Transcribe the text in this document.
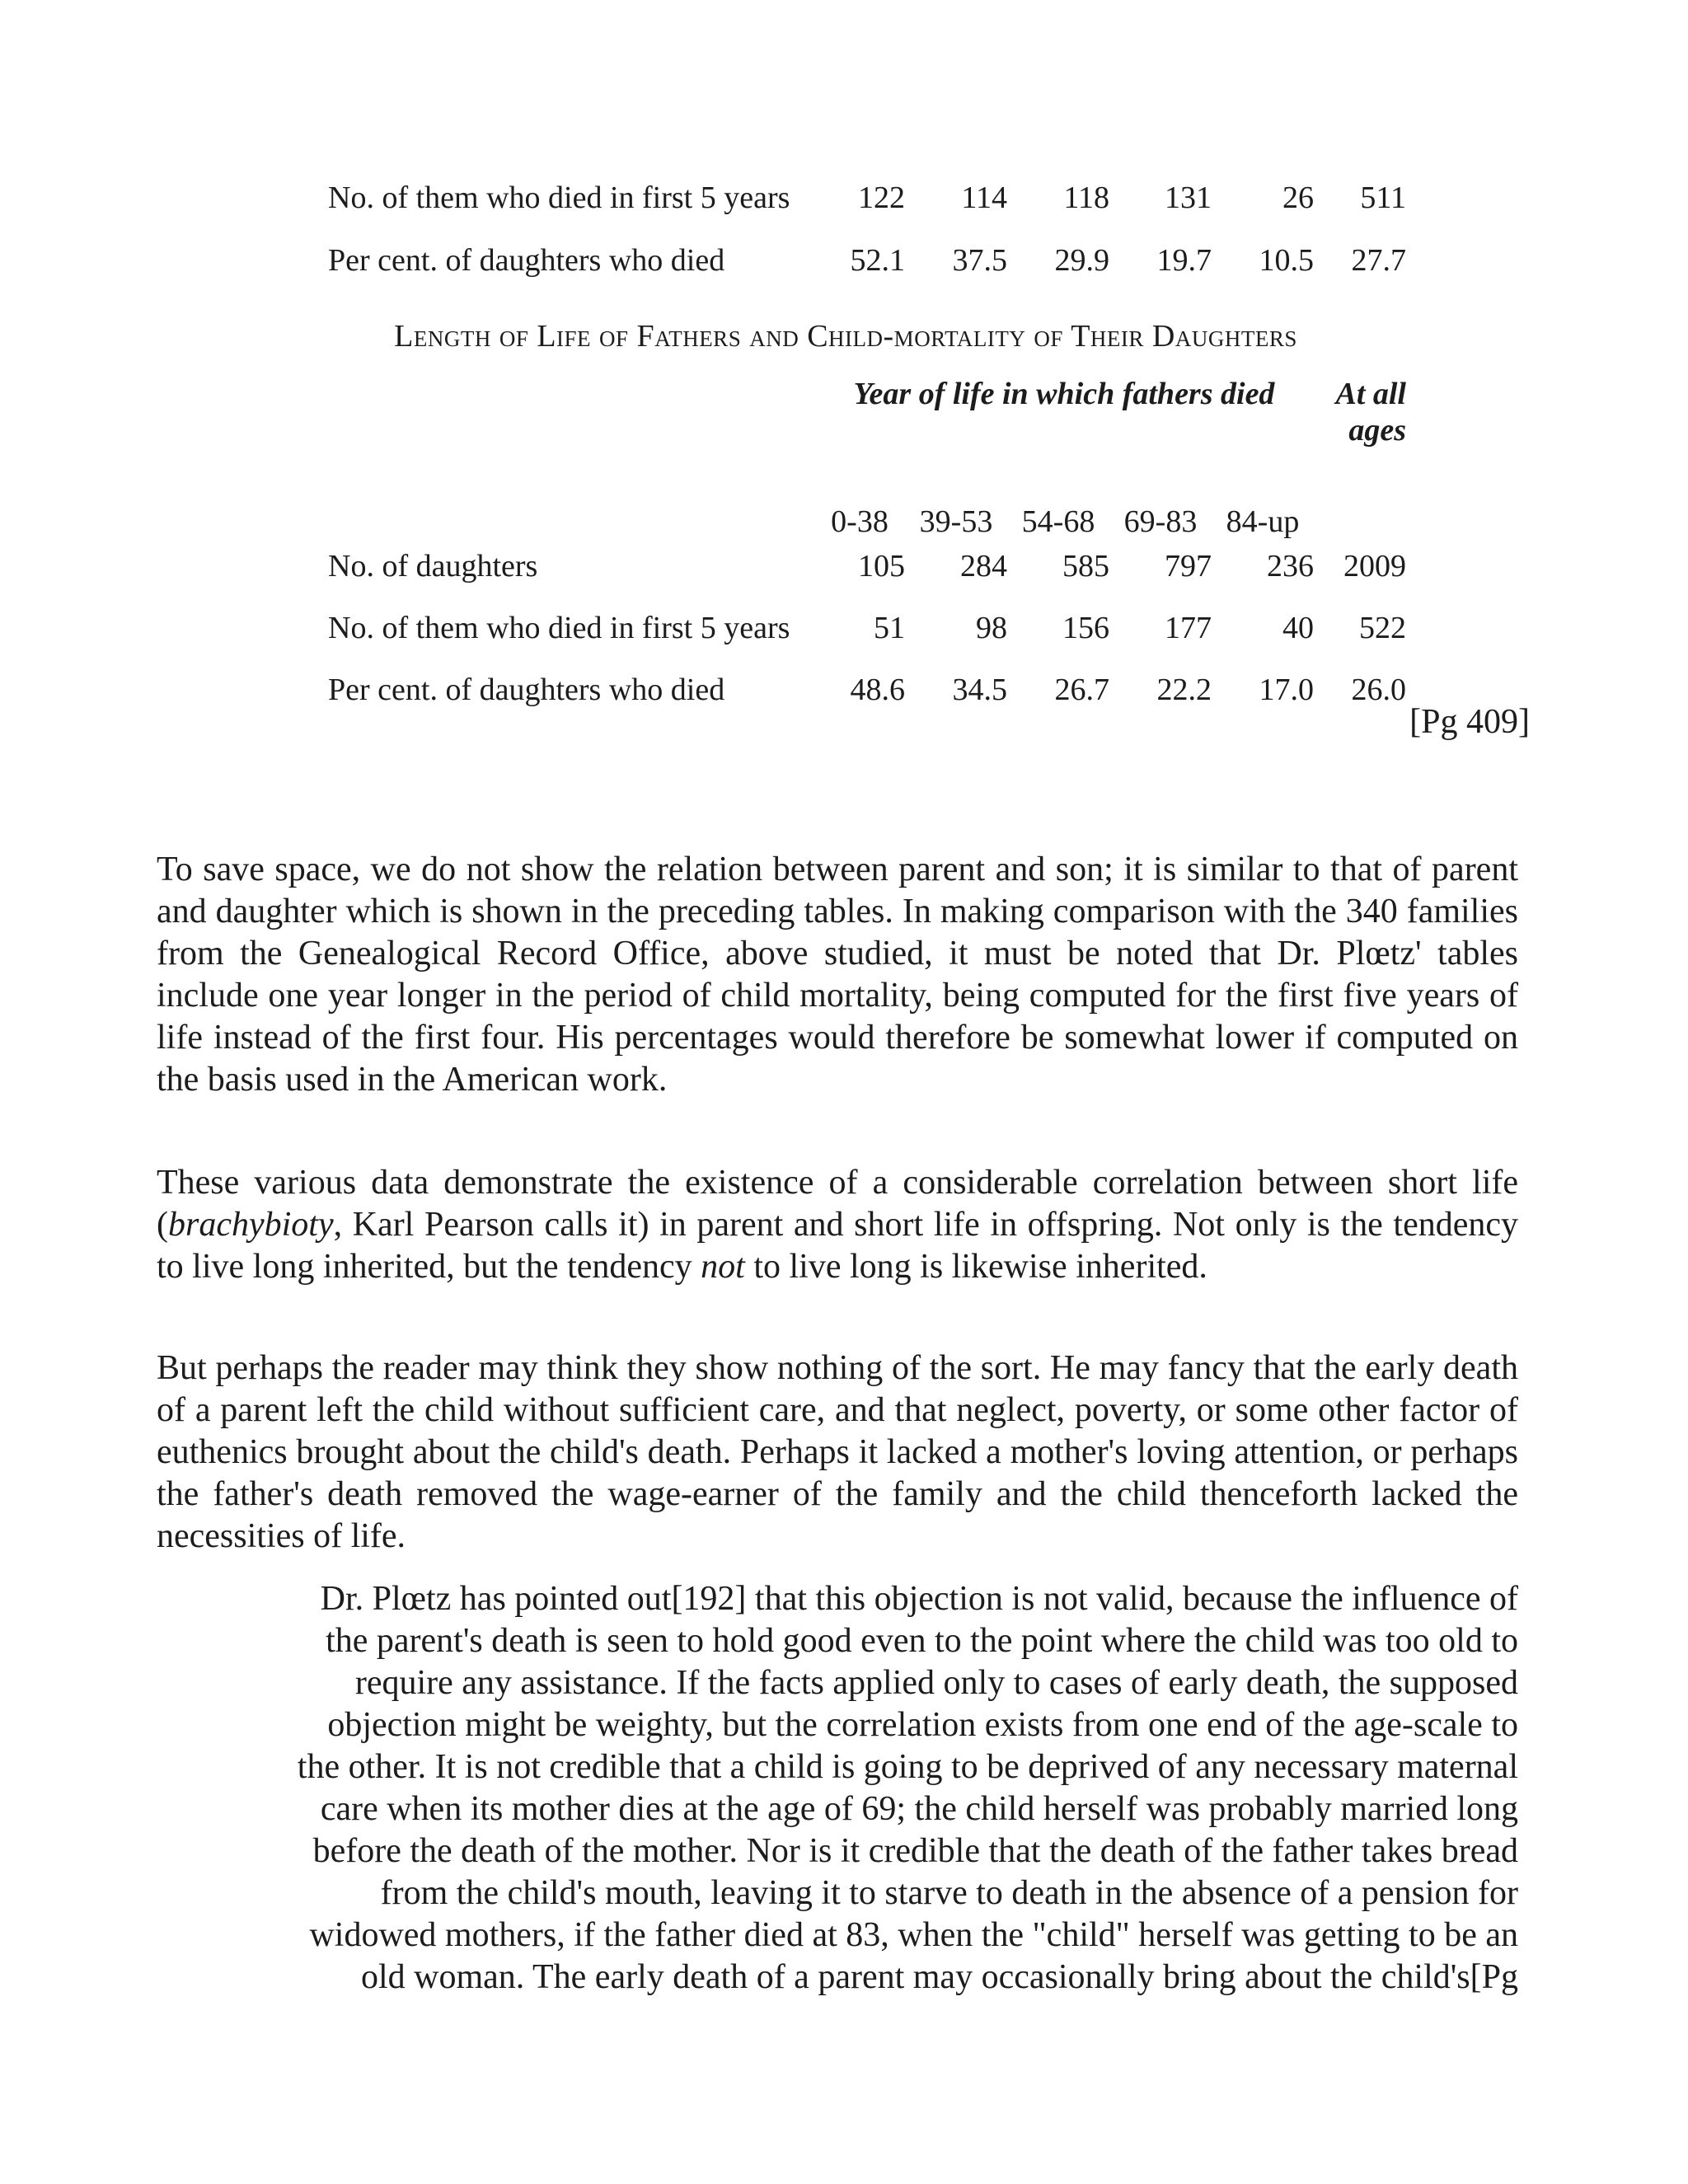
No. of them who died in first 5 years	122	114	118	131	26	511
Per cent. of daughters who died	52.1	37.5	29.9	19.7	10.5	27.7
Length of Life of Fathers and Child-mortality of Their Daughters
	Year of life in which fathers died					At all ages
	0-38	39-53	54-68	69-83	84-up	
No. of daughters	105	284	585	797	236	2009
No. of them who died in first 5 years	51	98	156	177	40	522
Per cent. of daughters who died	48.6	34.5	26.7	22.2	17.0	26.0
[Pg 409]

To save space, we do not show the relation between parent and son; it is similar to that of parent and daughter which is shown in the preceding tables. In making comparison with the 340 families from the Genealogical Record Office, above studied, it must be noted that Dr. Plœtz' tables include one year longer in the period of child mortality, being computed for the first five years of life instead of the first four. His percentages would therefore be somewhat lower if computed on the basis used in the American work.

These various data demonstrate the existence of a considerable correlation between short life (brachybioty, Karl Pearson calls it) in parent and short life in offspring. Not only is the tendency to live long inherited, but the tendency not to live long is likewise inherited.

But perhaps the reader may think they show nothing of the sort. He may fancy that the early death of a parent left the child without sufficient care, and that neglect, poverty, or some other factor of euthenics brought about the child's death. Perhaps it lacked a mother's loving attention, or perhaps the father's death removed the wage-earner of the family and the child thenceforth lacked the necessities of life.

Dr. Plœtz has pointed out[192] that this objection is not valid, because the influence of
the parent's death is seen to hold good even to the point where the child was too old to
require any assistance. If the facts applied only to cases of early death, the supposed
objection might be weighty, but the correlation exists from one end of the age-scale to
the other. It is not credible that a child is going to be deprived of any necessary maternal
care when its mother dies at the age of 69; the child herself was probably married long
before the death of the mother. Nor is it credible that the death of the father takes bread
from the child's mouth, leaving it to starve to death in the absence of a pension for
widowed mothers, if the father died at 83, when the "child" herself was getting to be an
old woman. The early death of a parent may occasionally bring about the child's[Pg
